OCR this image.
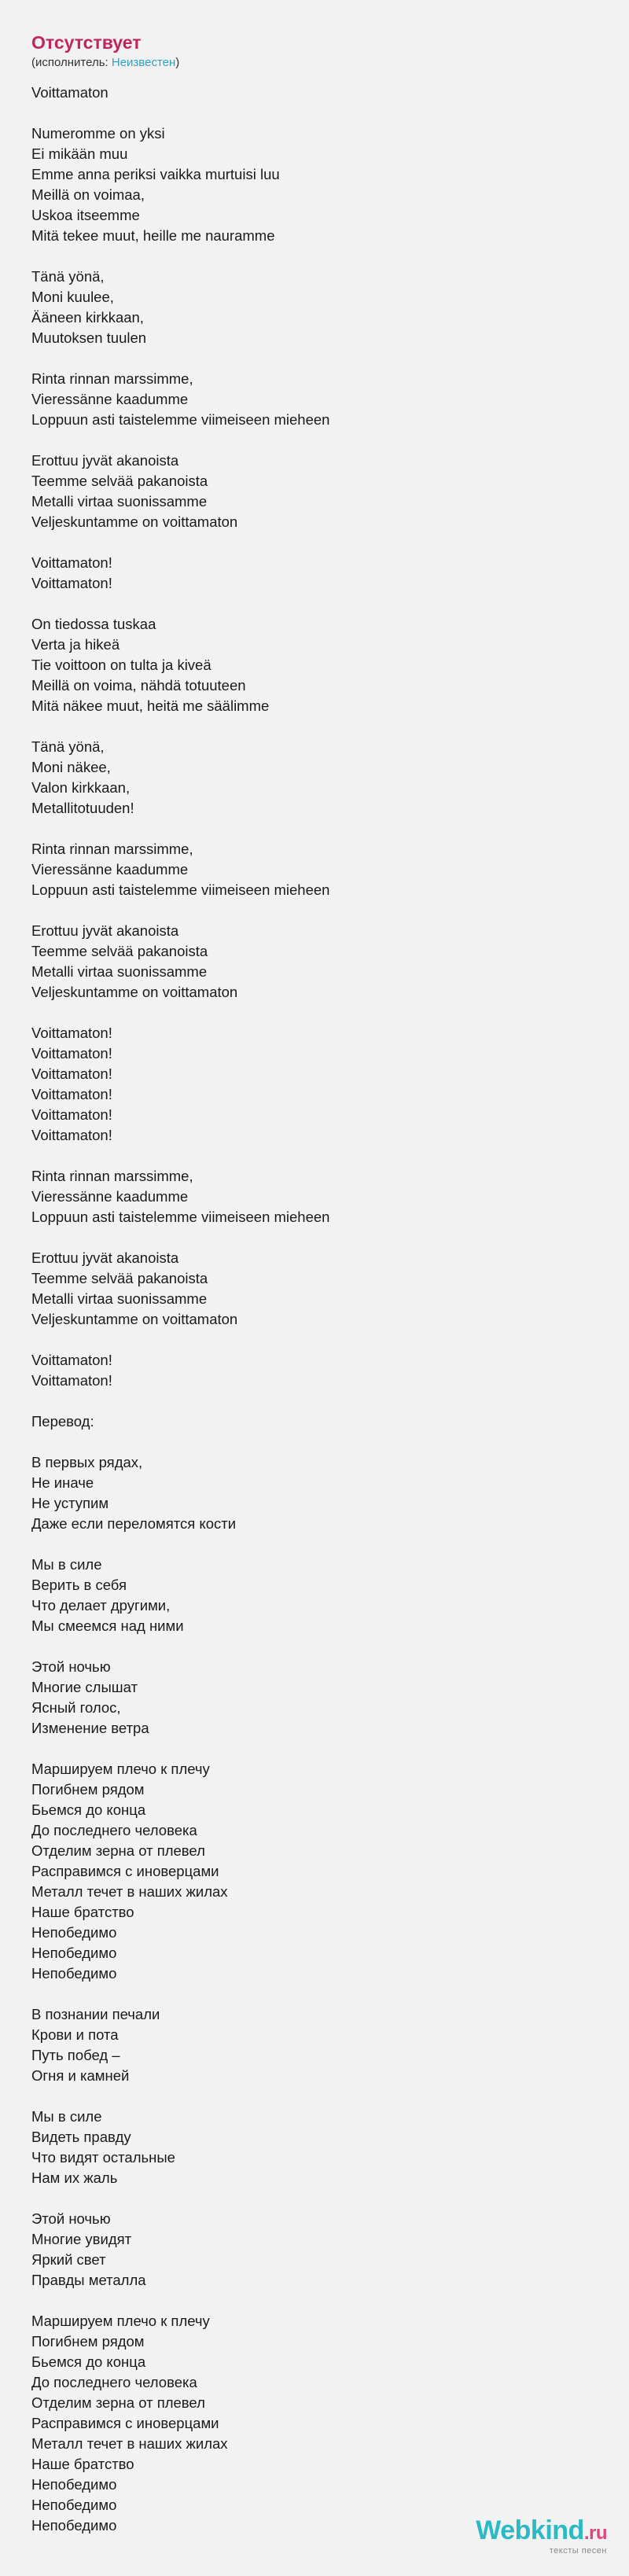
Отсутствует
(исполнитель: Неизвестен)
Voittamaton

Numeromme on yksi
Ei mikään muu
Emme anna periksi vaikka murtuisi luu
Meillä on voimaa,
Uskoa itseemme
Mitä tekee muut, heille me nauramme

Tänä yönä,
Moni kuulee,
Ääneen kirkkaan,
Muutoksen tuulen

Rinta rinnan marssimme,
Vieressänne kaadumme
Loppuun asti taistelemme viimeiseen mieheen

Erottuu jyvät akanoista
Teemme selvää pakanoista
Metalli virtaa suonissamme
Veljeskuntamme on voittamaton

Voittamaton!
Voittamaton!

On tiedossa tuskaa
Verta ja hikeä
Tie voittoon on tulta ja kiveä
Meillä on voima, nähdä totuuteen
Mitä näkee muut, heitä me säälimme

Tänä yönä,
Moni näkee,
Valon kirkkaan,
Metallitotuuden!

Rinta rinnan marssimme,
Vieressänne kaadumme
Loppuun asti taistelemme viimeiseen mieheen

Erottuu jyvät akanoista
Teemme selvää pakanoista
Metalli virtaa suonissamme
Veljeskuntamme on voittamaton

Voittamaton!
Voittamaton!
Voittamaton!
Voittamaton!
Voittamaton!
Voittamaton!

Rinta rinnan marssimme,
Vieressänne kaadumme
Loppuun asti taistelemme viimeiseen mieheen

Erottuu jyvät akanoista
Teemme selvää pakanoista
Metalli virtaa suonissamme
Veljeskuntamme on voittamaton

Voittamaton!
Voittamaton!

Перевод:

В первых рядах,
Не иначе
Не уступим
Даже если переломятся кости

Мы в силе
Верить в себя
Что делает другими,
Мы смеемся над ними

Этой ночью
Многие слышат
Ясный голос,
Изменение ветра

Маршируем плечо к плечу
Погибнем рядом
Бьемся до конца
До последнего человека
Отделим зерна от плевел
Расправимся с иноверцами
Металл течет в наших жилах
Наше братство
Непобедимо
Непобедимо
Непобедимо

В познании печали
Крови и пота
Путь побед –
Огня и камней

Мы в силе
Видеть правду
Что видят остальные
Нам их жаль

Этой ночью
Многие увидят
Яркий свет
Правды металла

Маршируем плечо к плечу
Погибнем рядом
Бьемся до конца
До последнего человека
Отделим зерна от плевел
Расправимся с иноверцами
Металл течет в наших жилах
Наше братство
Непобедимо
Непобедимо
Непобедимо	Webkind.ru
тексты песен
